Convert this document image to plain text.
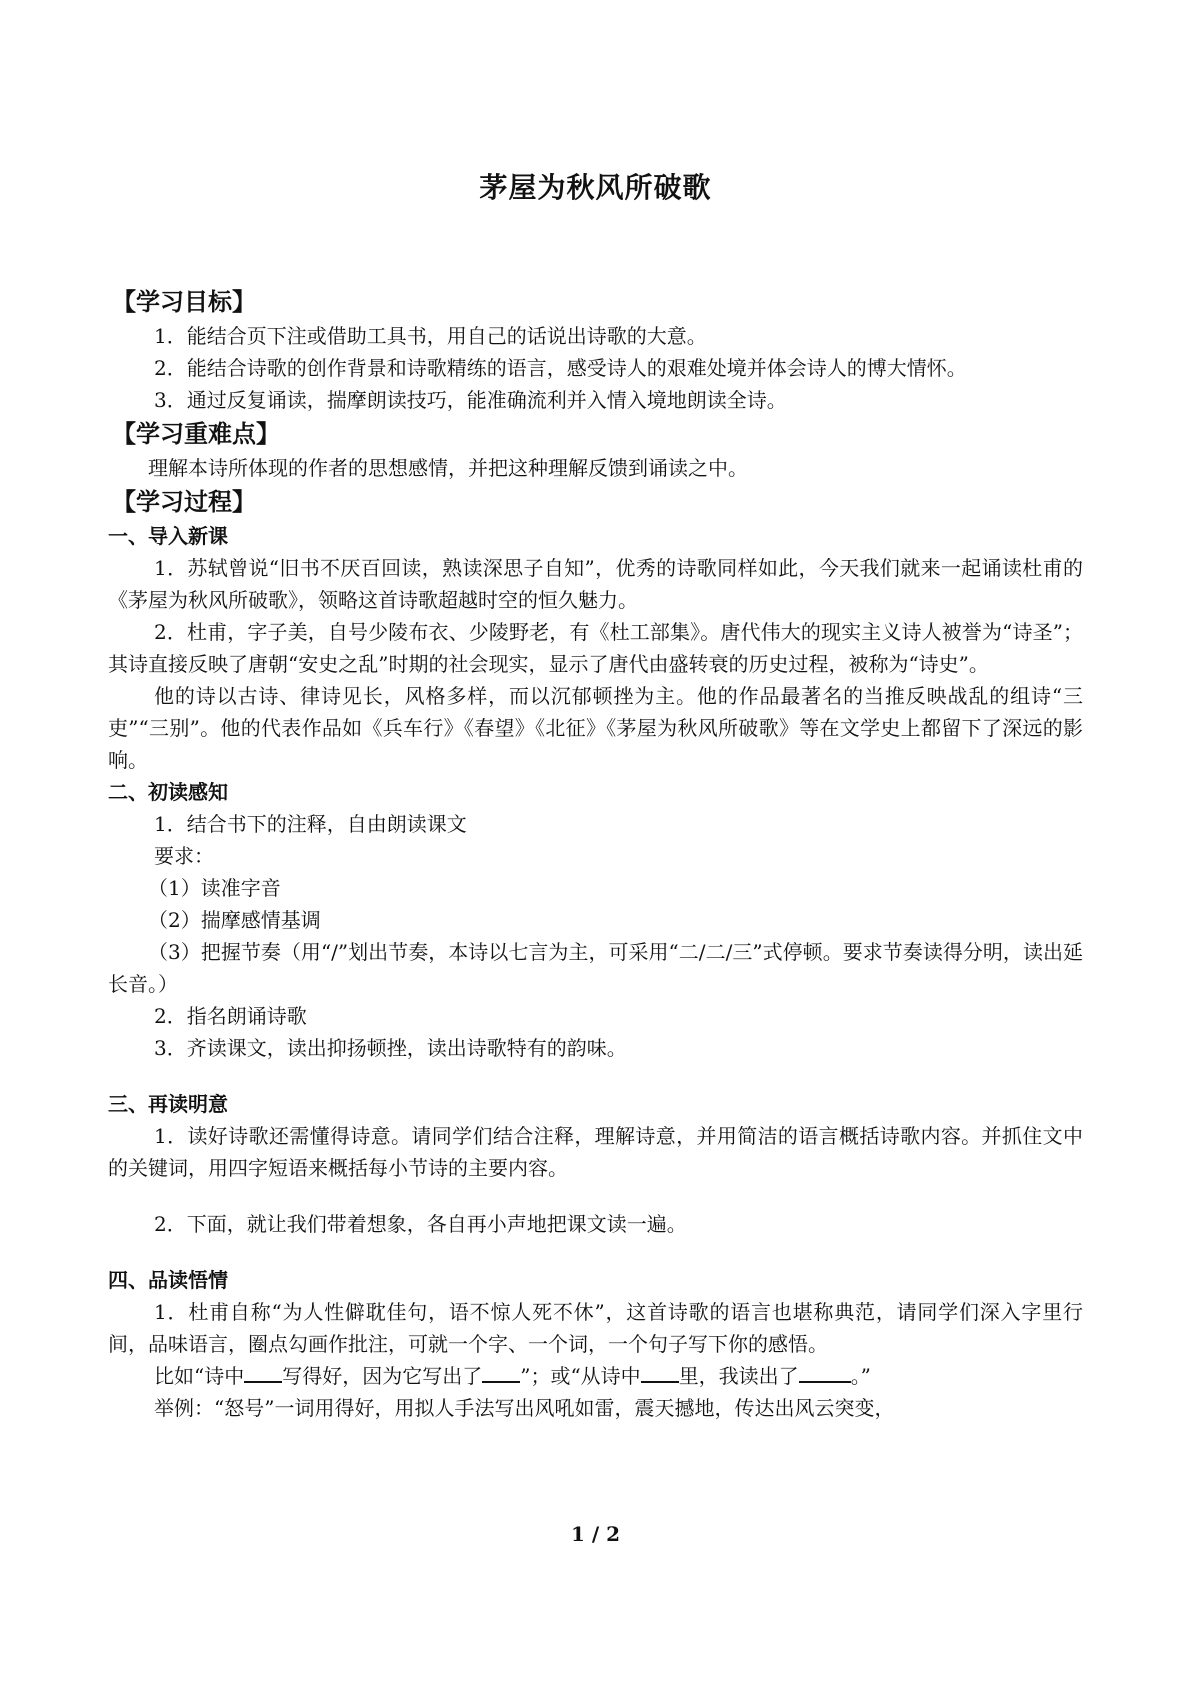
茅屋为秋风所破歌
【学习目标】
1．能结合页下注或借助工具书，用自己的话说出诗歌的大意。
2．能结合诗歌的创作背景和诗歌精练的语言，感受诗人的艰难处境并体会诗人的博大情怀。
3．通过反复诵读，揣摩朗读技巧，能准确流利并入情入境地朗读全诗。
【学习重难点】
理解本诗所体现的作者的思想感情，并把这种理解反馈到诵读之中。
【学习过程】
一、导入新课
1．苏轼曾说“旧书不厌百回读，熟读深思子自知”，优秀的诗歌同样如此，今天我们就来一起诵读杜甫的《茅屋为秋风所破歌》，领略这首诗歌超越时空的恒久魅力。
2．杜甫，字子美，自号少陵布衣、少陵野老，有《杜工部集》。唐代伟大的现实主义诗人被誉为“诗圣”；其诗直接反映了唐朝“安史之乱”时期的社会现实，显示了唐代由盛转衰的历史过程，被称为“诗史”。
他的诗以古诗、律诗见长，风格多样，而以沉郁顿挫为主。他的作品最著名的当推反映战乱的组诗“三吏”“三别”。他的代表作品如《兵车行》《春望》《北征》《茅屋为秋风所破歌》等在文学史上都留下了深远的影响。
二、初读感知
1．结合书下的注释，自由朗读课文
要求：
（1）读准字音
（2）揣摩感情基调
（3）把握节奏（用“/”划出节奏，本诗以七言为主，可采用“二/二/三”式停顿。要求节奏读得分明，读出延长音。）
2．指名朗诵诗歌
3．齐读课文，读出抑扬顿挫，读出诗歌特有的韵味。
三、再读明意
1．读好诗歌还需懂得诗意。请同学们结合注释，理解诗意，并用简洁的语言概括诗歌内容。并抓住文中的关键词，用四字短语来概括每小节诗的主要内容。
2．下面，就让我们带着想象，各自再小声地把课文读一遍。
四、品读悟情
1．杜甫自称“为人性僻耽佳句，语不惊人死不休”，这首诗歌的语言也堪称典范，请同学们深入字里行间，品味语言，圈点勾画作批注，可就一个字、一个词，一个句子写下你的感悟。
比如“诗中 写得好，因为它写出了 ”；或“从诗中 里，我读出了	。”
举例：“怒号”一词用得好，用拟人手法写出风吼如雷，震天撼地，传达出风云突变，
1 / 2
